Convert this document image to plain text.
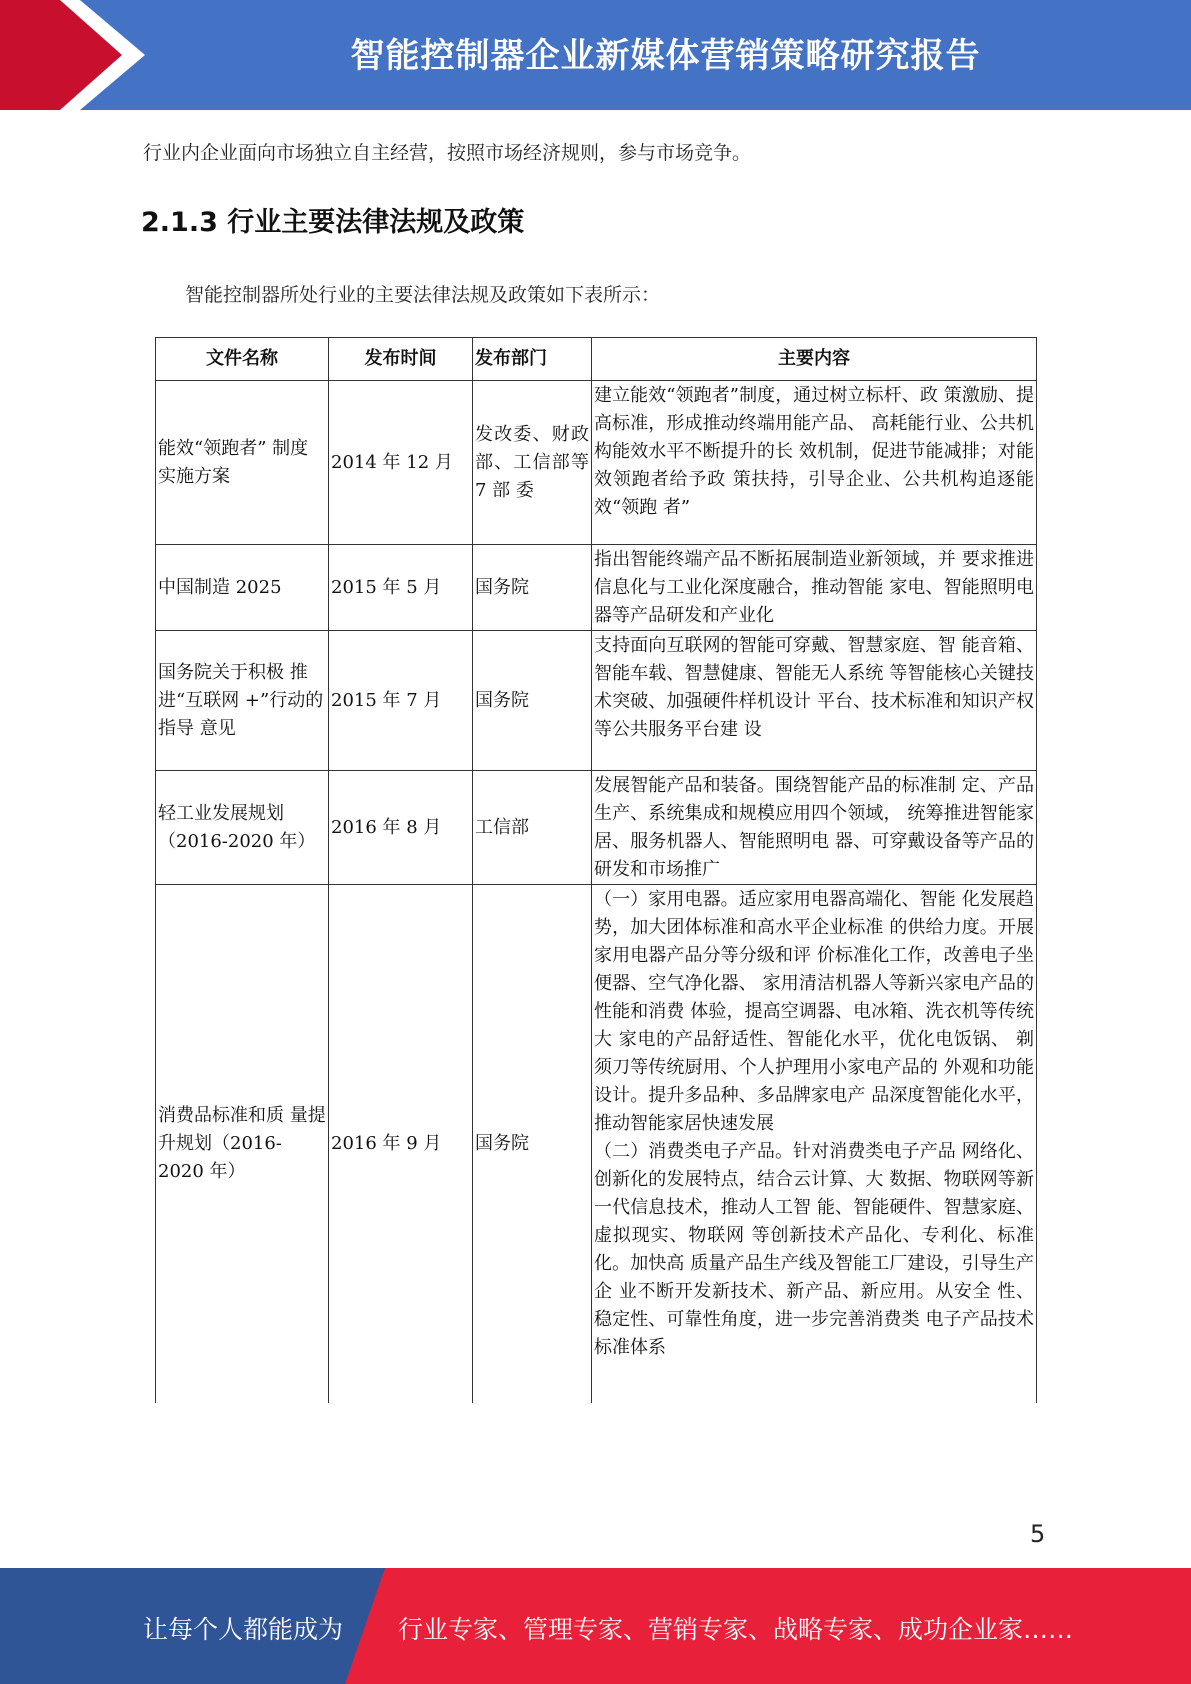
智能控制器企业新媒体营销策略研究报告
行业内企业面向市场独立自主经营，按照市场经济规则，参与市场竞争。
2.1.3 行业主要法律法规及政策
智能控制器所处行业的主要法律法规及政策如下表所示：
文件名称	发布时间	发布部门	主要内容
能效“领跑者” 制度实施方案	2014 年 12 月	发改委、财政部、工信部等 7 部 委	建立能效“领跑者”制度，通过树立标杆、政 策激励、提高标准，形成推动终端用能产品、 高耗能行业、公共机构能效水平不断提升的长 效机制，促进节能减排；对能效领跑者给予政 策扶持，引导企业、公共机构追逐能效“领跑 者”
中国制造 2025	2015 年 5 月	国务院	指出智能终端产品不断拓展制造业新领域，并 要求推进信息化与工业化深度融合，推动智能 家电、智能照明电器等产品研发和产业化
国务院关于积极 推进“互联网 +”行动的指导 意见	2015 年 7 月	国务院	支持面向互联网的智能可穿戴、智慧家庭、智 能音箱、智能车载、智慧健康、智能无人系统 等智能核心关键技术突破、加强硬件样机设计 平台、技术标准和知识产权等公共服务平台建 设
轻工业发展规划（2016-2020 年）	2016 年 8 月	工信部	发展智能产品和装备。围绕智能产品的标准制 定、产品生产、系统集成和规模应用四个领域， 统筹推进智能家居、服务机器人、智能照明电 器、可穿戴设备等产品的研发和市场推广
消费品标准和质 量提升规划（2016-2020 年）	2016 年 9 月	国务院	（一）家用电器。适应家用电器高端化、智能 化发展趋势，加大团体标准和高水平企业标准 的供给力度。开展家用电器产品分等分级和评 价标准化工作，改善电子坐便器、空气净化器、 家用清洁机器人等新兴家电产品的性能和消费 体验，提高空调器、电冰箱、洗衣机等传统大 家电的产品舒适性、智能化水平，优化电饭锅、 剃须刀等传统厨用、个人护理用小家电产品的 外观和功能设计。提升多品种、多品牌家电产 品深度智能化水平，推动智能家居快速发展
（二）消费类电子产品。针对消费类电子产品 网络化、创新化的发展特点，结合云计算、大 数据、物联网等新一代信息技术，推动人工智 能、智能硬件、智慧家庭、虚拟现实、物联网 等创新技术产品化、专利化、标准化。加快高 质量产品生产线及智能工厂建设，引导生产企 业不断开发新技术、新产品、新应用。从安全 性、稳定性、可靠性角度，进一步完善消费类 电子产品技术标准体系
5
让每个人都能成为 行业专家、管理专家、营销专家、战略专家、成功企业家……
